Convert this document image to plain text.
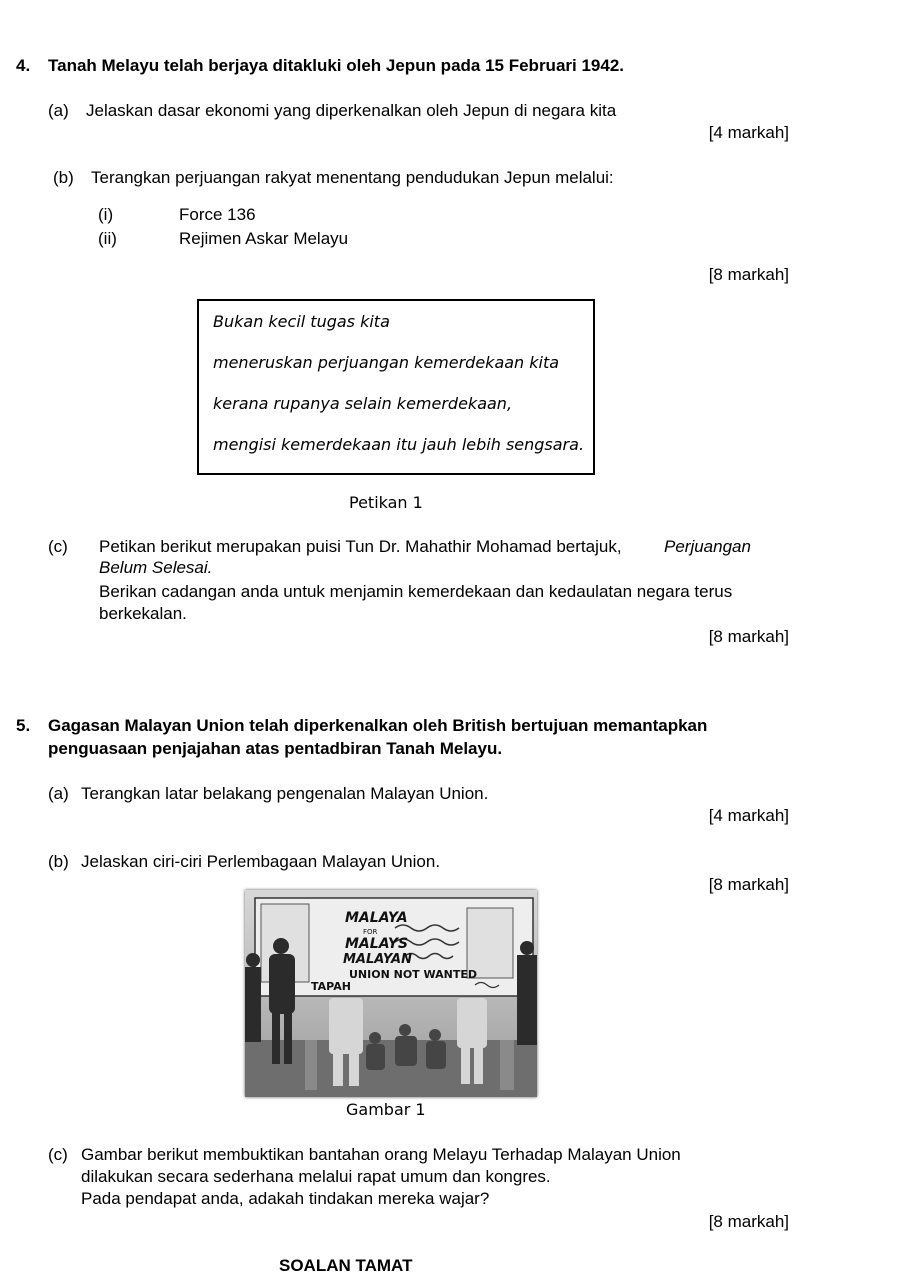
4. Tanah Melayu telah berjaya ditakluki oleh Jepun pada 15 Februari 1942.
(a) Jelaskan dasar ekonomi yang diperkenalkan oleh Jepun di negara kita
[4 markah]
(b) Terangkan perjuangan rakyat menentang pendudukan Jepun melalui:
(i)	Force 136
(ii)	Rejimen Askar Melayu
[8 markah]
Bukan kecil tugas kita
meneruskan perjuangan kemerdekaan kita
kerana rupanya selain kemerdekaan,
mengisi kemerdekaan itu jauh lebih sengsara.
Petikan 1
(c) Petikan berikut merupakan puisi Tun Dr. Mahathir Mohamad bertajuk, Perjuangan
Belum Selesai.
Berikan cadangan anda untuk menjamin kemerdekaan dan kedaulatan negara terus
berkekalan.
[8 markah]
5. Gagasan Malayan Union telah diperkenalkan oleh British bertujuan memantapkan
penguasaan penjajahan atas pentadbiran Tanah Melayu.
(a) Terangkan latar belakang pengenalan Malayan Union.
[4 markah]
(b) Jelaskan ciri-ciri Perlembagaan Malayan Union.
[8 markah]
MALAYA
FOR
MALAYS
MALAYAN
UNION NOT WANTED
TAPAH
Gambar 1
(c) Gambar berikut membuktikan bantahan orang Melayu Terhadap Malayan Union
dilakukan secara sederhana melalui rapat umum dan kongres.
Pada pendapat anda, adakah tindakan mereka wajar?
[8 markah]
SOALAN TAMAT
